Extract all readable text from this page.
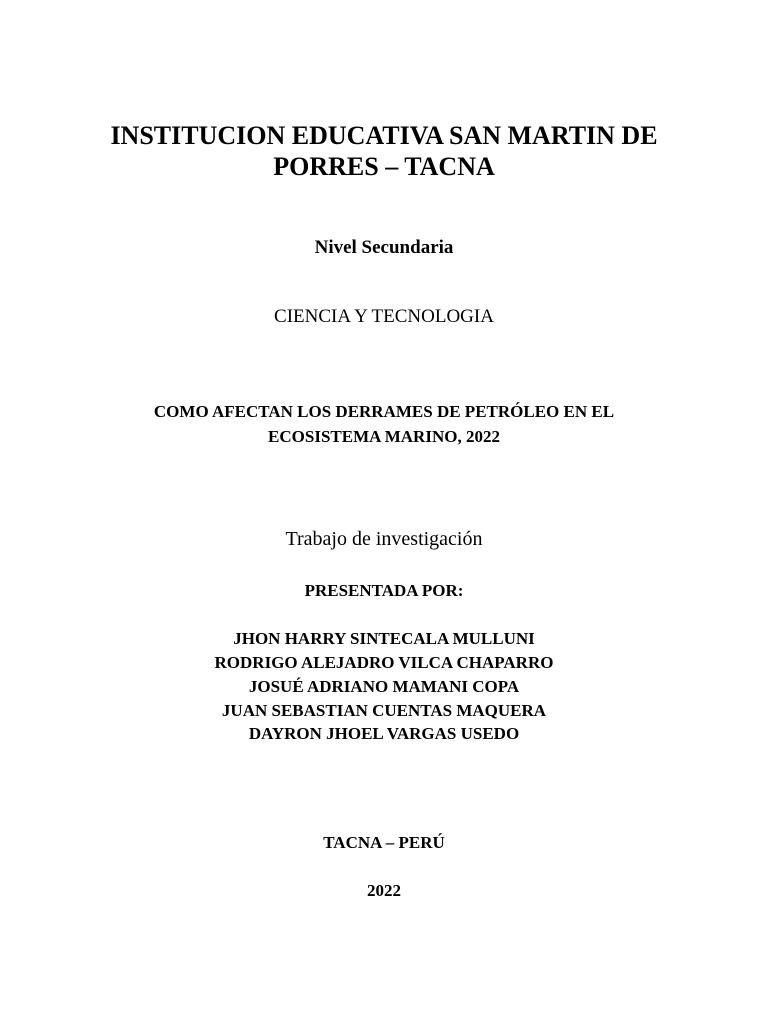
INSTITUCION EDUCATIVA SAN MARTIN DE
PORRES – TACNA
Nivel Secundaria
CIENCIA Y TECNOLOGIA
COMO AFECTAN LOS DERRAMES DE PETRÓLEO EN EL
ECOSISTEMA MARINO, 2022
Trabajo de investigación
PRESENTADA POR:
JHON HARRY SINTECALA MULLUNI
RODRIGO ALEJADRO VILCA CHAPARRO
JOSUÉ ADRIANO MAMANI COPA
JUAN SEBASTIAN CUENTAS MAQUERA
DAYRON JHOEL VARGAS USEDO
TACNA – PERÚ
2022
